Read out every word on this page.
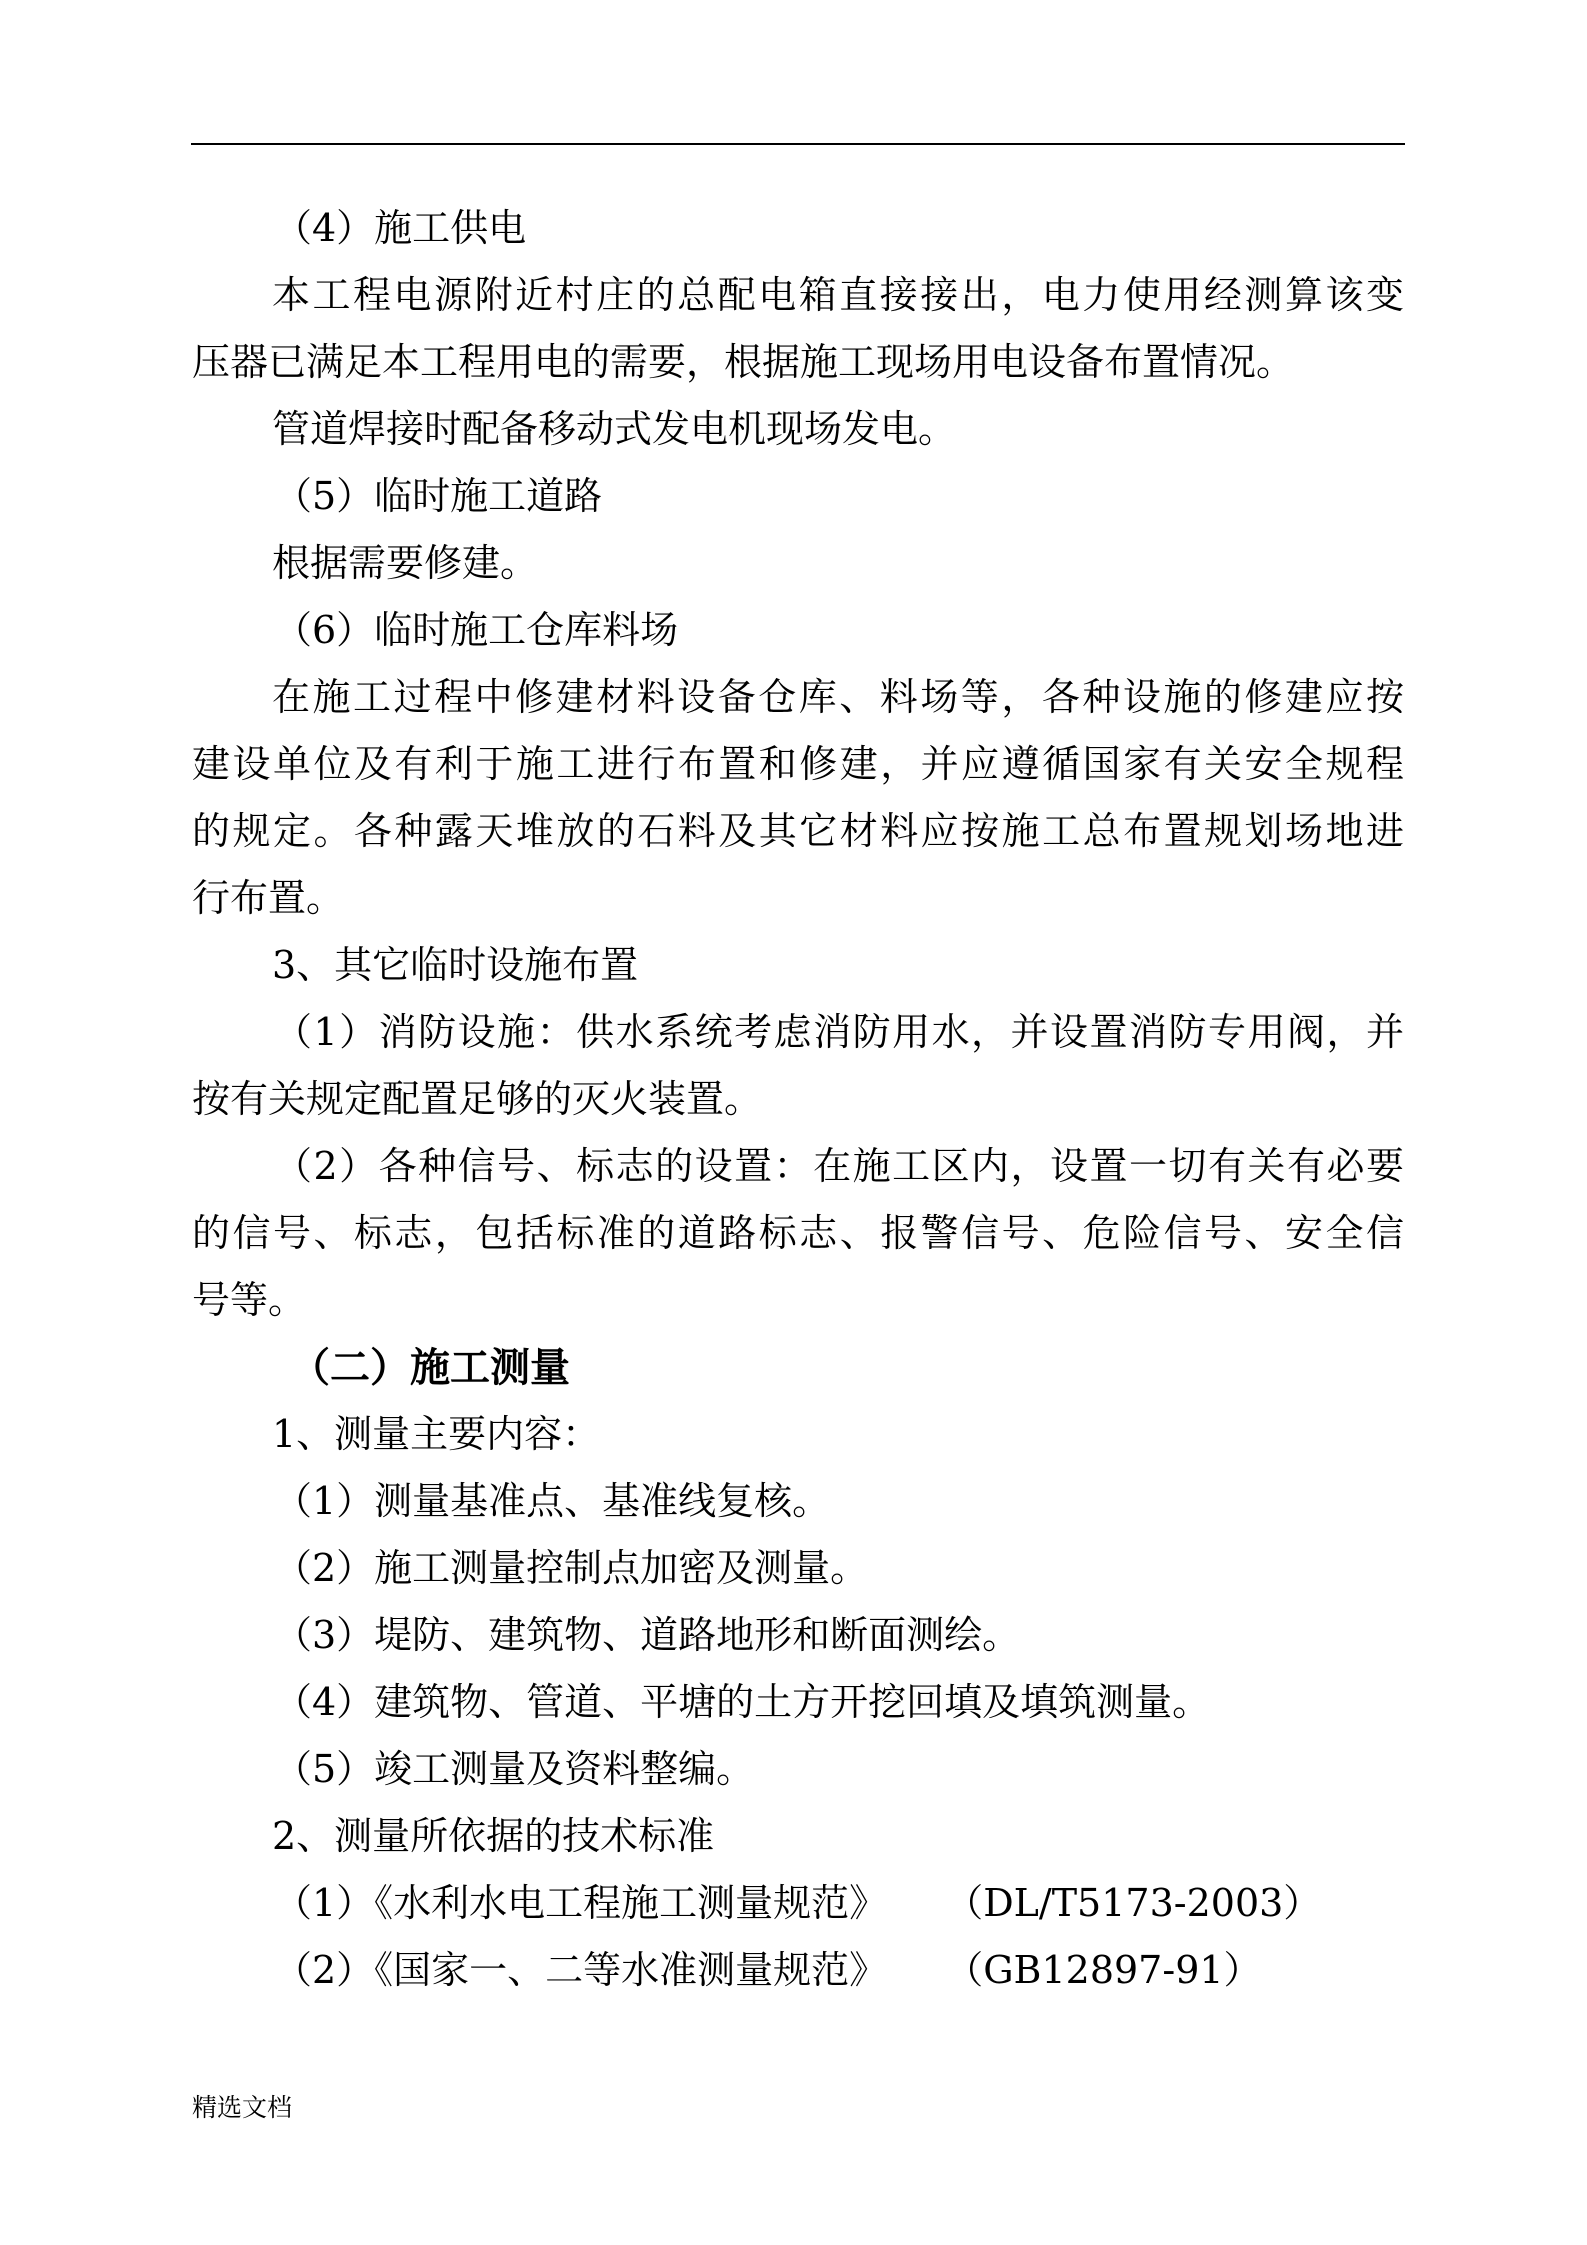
（4）施工供电
本工程电源附近村庄的总配电箱直接接出，电力使用经测算该变
压器已满足本工程用电的需要，根据施工现场用电设备布置情况。
管道焊接时配备移动式发电机现场发电。
（5）临时施工道路
根据需要修建。
（6）临时施工仓库料场
在施工过程中修建材料设备仓库、料场等，各种设施的修建应按
建设单位及有利于施工进行布置和修建，并应遵循国家有关安全规程
的规定。各种露天堆放的石料及其它材料应按施工总布置规划场地进
行布置。
3、其它临时设施布置
（1）消防设施：供水系统考虑消防用水，并设置消防专用阀，并
按有关规定配置足够的灭火装置。
（2）各种信号、标志的设置：在施工区内，设置一切有关有必要
的信号、标志，包括标准的道路标志、报警信号、危险信号、安全信
号等。
（二）施工测量
1、测量主要内容：
（1）测量基准点、基准线复核。
（2）施工测量控制点加密及测量。
（3）堤防、建筑物、道路地形和断面测绘。
（4）建筑物、管道、平塘的土方开挖回填及填筑测量。
（5）竣工测量及资料整编。
2、测量所依据的技术标准
（1）《水利水电工程施工测量规范》 （DL/T5173-2003）
（2）《国家一、二等水准测量规范》 （GB12897-91）
精选文档
